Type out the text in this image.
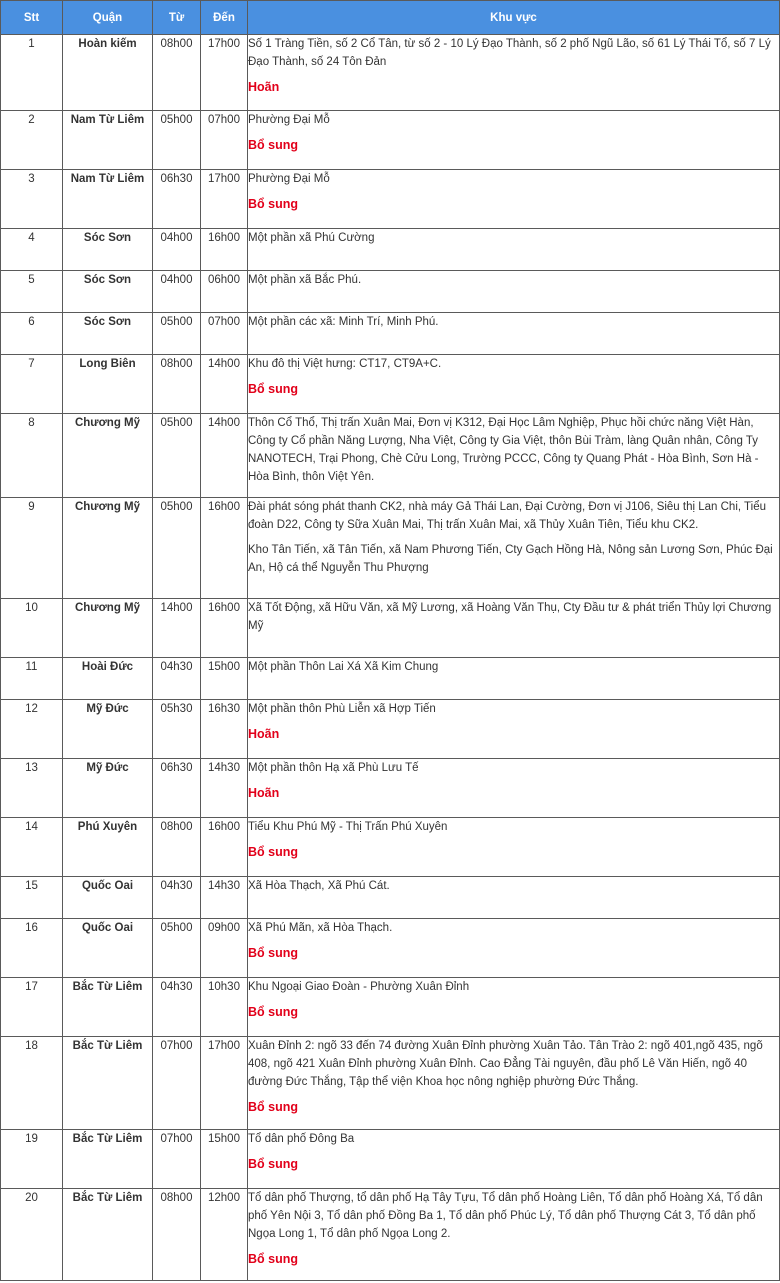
Stt	Quận	Từ	Đến	Khu vực
1	Hoàn kiếm	08h00	17h00	Số 1 Tràng Tiền, số 2 Cổ Tân, từ số 2 - 10 Lý Đạo Thành, số 2 phố Ngũ Lão, số 61 Lý Thái Tổ, số 7 Lý Đạo Thành, số 24 Tôn Đản
Hoãn

2	Nam Từ Liêm	05h00	07h00	Phường Đại Mỗ
Bổ sung

3	Nam Từ Liêm	06h30	17h00	Phường Đại Mỗ
Bổ sung

4	Sóc Sơn	04h00	16h00	Một phần xã Phú Cường

5	Sóc Sơn	04h00	06h00	Một phần xã Bắc Phú.

6	Sóc Sơn	05h00	07h00	Một phần các xã: Minh Trí, Minh Phú.

7	Long Biên	08h00	14h00	Khu đô thị Việt hưng: CT17, CT9A+C.
Bổ sung

8	Chương Mỹ	05h00	14h00	Thôn Cổ Thổ, Thị trấn Xuân Mai, Đơn vị K312, Đại Học Lâm Nghiệp, Phục hồi chức năng Việt Hàn, Công ty Cổ phần Năng Lượng, Nha Việt, Công ty Gia Việt, thôn Bùi Tràm, làng Quân nhân, Công Ty NANOTECH, Trại Phong, Chè Cửu Long, Trường PCCC, Công ty Quang Phát - Hòa Bình, Sơn Hà - Hòa Bình, thôn Việt Yên.

9	Chương Mỹ	05h00	16h00	Đài phát sóng phát thanh CK2, nhà máy Gả Thái Lan, Đại Cường, Đơn vị J106, Siêu thị Lan Chi, Tiểu đoàn D22, Công ty Sữa Xuân Mai, Thị trấn Xuân Mai, xã Thủy Xuân Tiên, Tiểu khu CK2.
Kho Tân Tiến, xã Tân Tiến, xã Nam Phương Tiến, Cty Gạch Hồng Hà, Nông sản Lương Sơn, Phúc Đại An, Hộ cá thể Nguyễn Thu Phượng

10	Chương Mỹ	14h00	16h00	Xã Tốt Động, xã Hữu Văn, xã Mỹ Lương, xã Hoàng Văn Thụ, Cty Đầu tư & phát triển Thủy lợi Chương Mỹ

11	Hoài Đức	04h30	15h00	Một phần Thôn Lai Xá Xã Kim Chung

12	Mỹ Đức	05h30	16h30	Một phần thôn Phù Liễn xã Hợp Tiến
Hoãn

13	Mỹ Đức	06h30	14h30	Một phần thôn Hạ xã Phù Lưu Tế
Hoãn

14	Phú Xuyên	08h00	16h00	Tiểu Khu Phú Mỹ - Thị Trấn Phú Xuyên
Bổ sung

15	Quốc Oai	04h30	14h30	Xã Hòa Thạch, Xã Phú Cát.

16	Quốc Oai	05h00	09h00	Xã Phú Mãn, xã Hòa Thạch.
Bổ sung

17	Bắc Từ Liêm	04h30	10h30	Khu Ngoại Giao Đoàn - Phường Xuân Đỉnh
Bổ sung

18	Bắc Từ Liêm	07h00	17h00	Xuân Đỉnh 2: ngõ 33 đến 74 đường Xuân Đỉnh phường Xuân Tảo. Tân Trào 2: ngõ 401,ngõ 435, ngõ 408, ngõ 421 Xuân Đỉnh phường Xuân Đỉnh. Cao Đẳng Tài nguyên, đầu phố Lê Văn Hiến, ngõ 40 đường Đức Thắng, Tập thể viện Khoa học nông nghiệp phường Đức Thắng.
Bổ sung

19	Bắc Từ Liêm	07h00	15h00	Tổ dân phố Đông Ba
Bổ sung

20	Bắc Từ Liêm	08h00	12h00	Tổ dân phố Thượng, tổ dân phố Hạ Tây Tựu, Tổ dân phố Hoàng Liên, Tổ dân phố Hoàng Xá, Tổ dân phố Yên Nội 3, Tổ dân phố Đồng Ba 1, Tổ dân phố Phúc Lý, Tổ dân phố Thượng Cát 3, Tổ dân phố Ngọa Long 1, Tổ dân phố Ngọa Long 2.
Bổ sung
